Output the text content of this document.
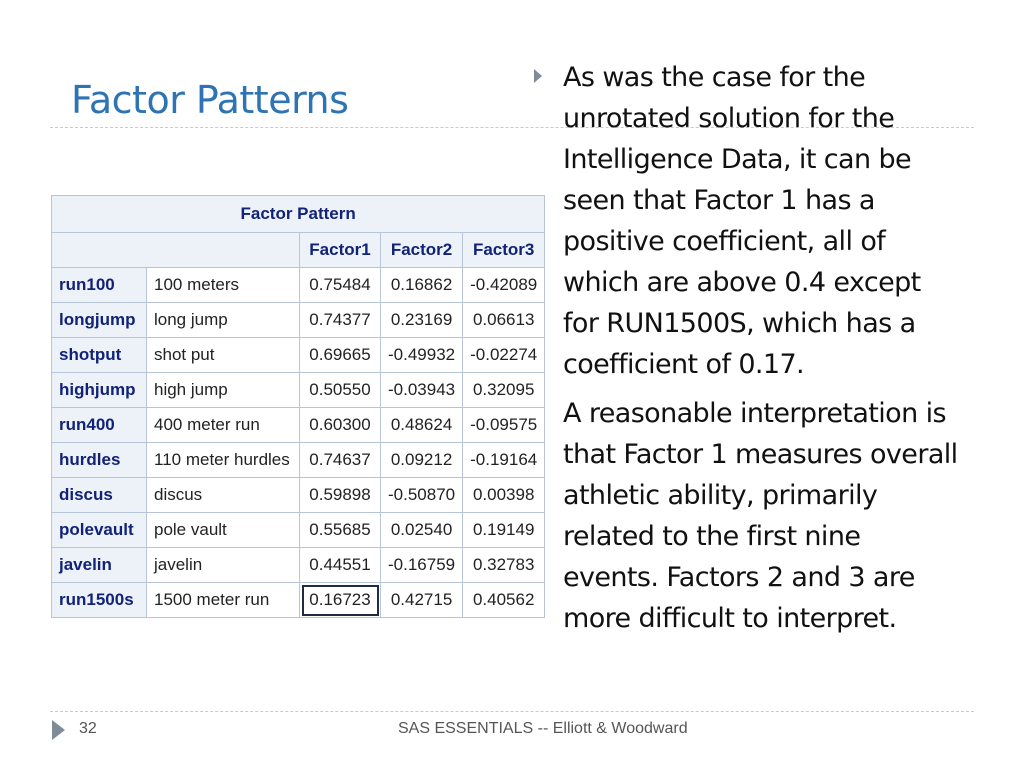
Factor Patterns
Factor Pattern				
		Factor1	Factor2	Factor3
run100	100 meters	0.75484	0.16862	-0.42089
longjump	long jump	0.74377	0.23169	0.06613
shotput	shot put	0.69665	-0.49932	-0.02274
highjump	high jump	0.50550	-0.03943	0.32095
run400	400 meter run	0.60300	0.48624	-0.09575
hurdles	110 meter hurdles	0.74637	0.09212	-0.19164
discus	discus	0.59898	-0.50870	0.00398
polevault	pole vault	0.55685	0.02540	0.19149
javelin	javelin	0.44551	-0.16759	0.32783
run1500s	1500 meter run	0.16723	0.42715	0.40562

As was the case for the unrotated solution for the Intelligence Data, it can be seen that Factor 1 has a positive coefficient, all of which are above 0.4 except for RUN1500S, which has a coefficient of 0.17.

A reasonable interpretation is that Factor 1 measures overall athletic ability, primarily related to the first nine events. Factors 2 and 3 are more difficult to interpret.

32	SAS ESSENTIALS -- Elliott & Woodward
